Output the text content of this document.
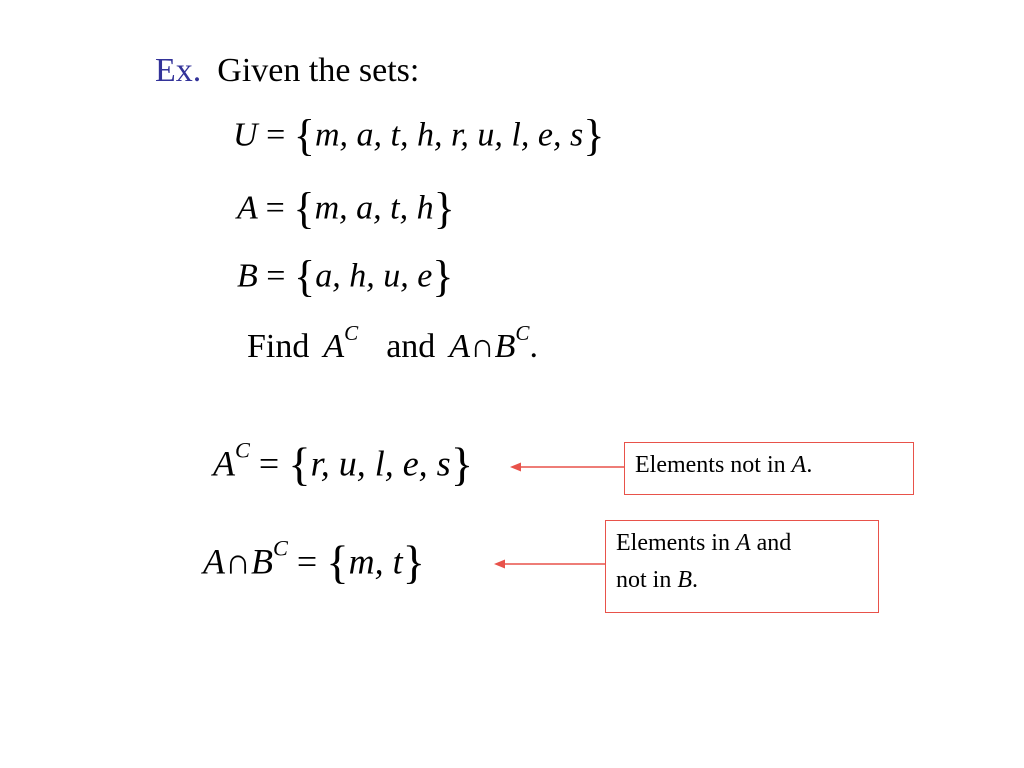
Ex. Given the sets:
U = {m, a, t, h, r, u, l, e, s}
A = {m, a, t, h}
B = {a, h, u, e}
Find $A^C$ and $A\cap B^C$.
$A^C = \{r$, u, l, e, s}
$A\cap B^C = \{m$, t}
Elements not in A.
Elements in A and
not in B.
